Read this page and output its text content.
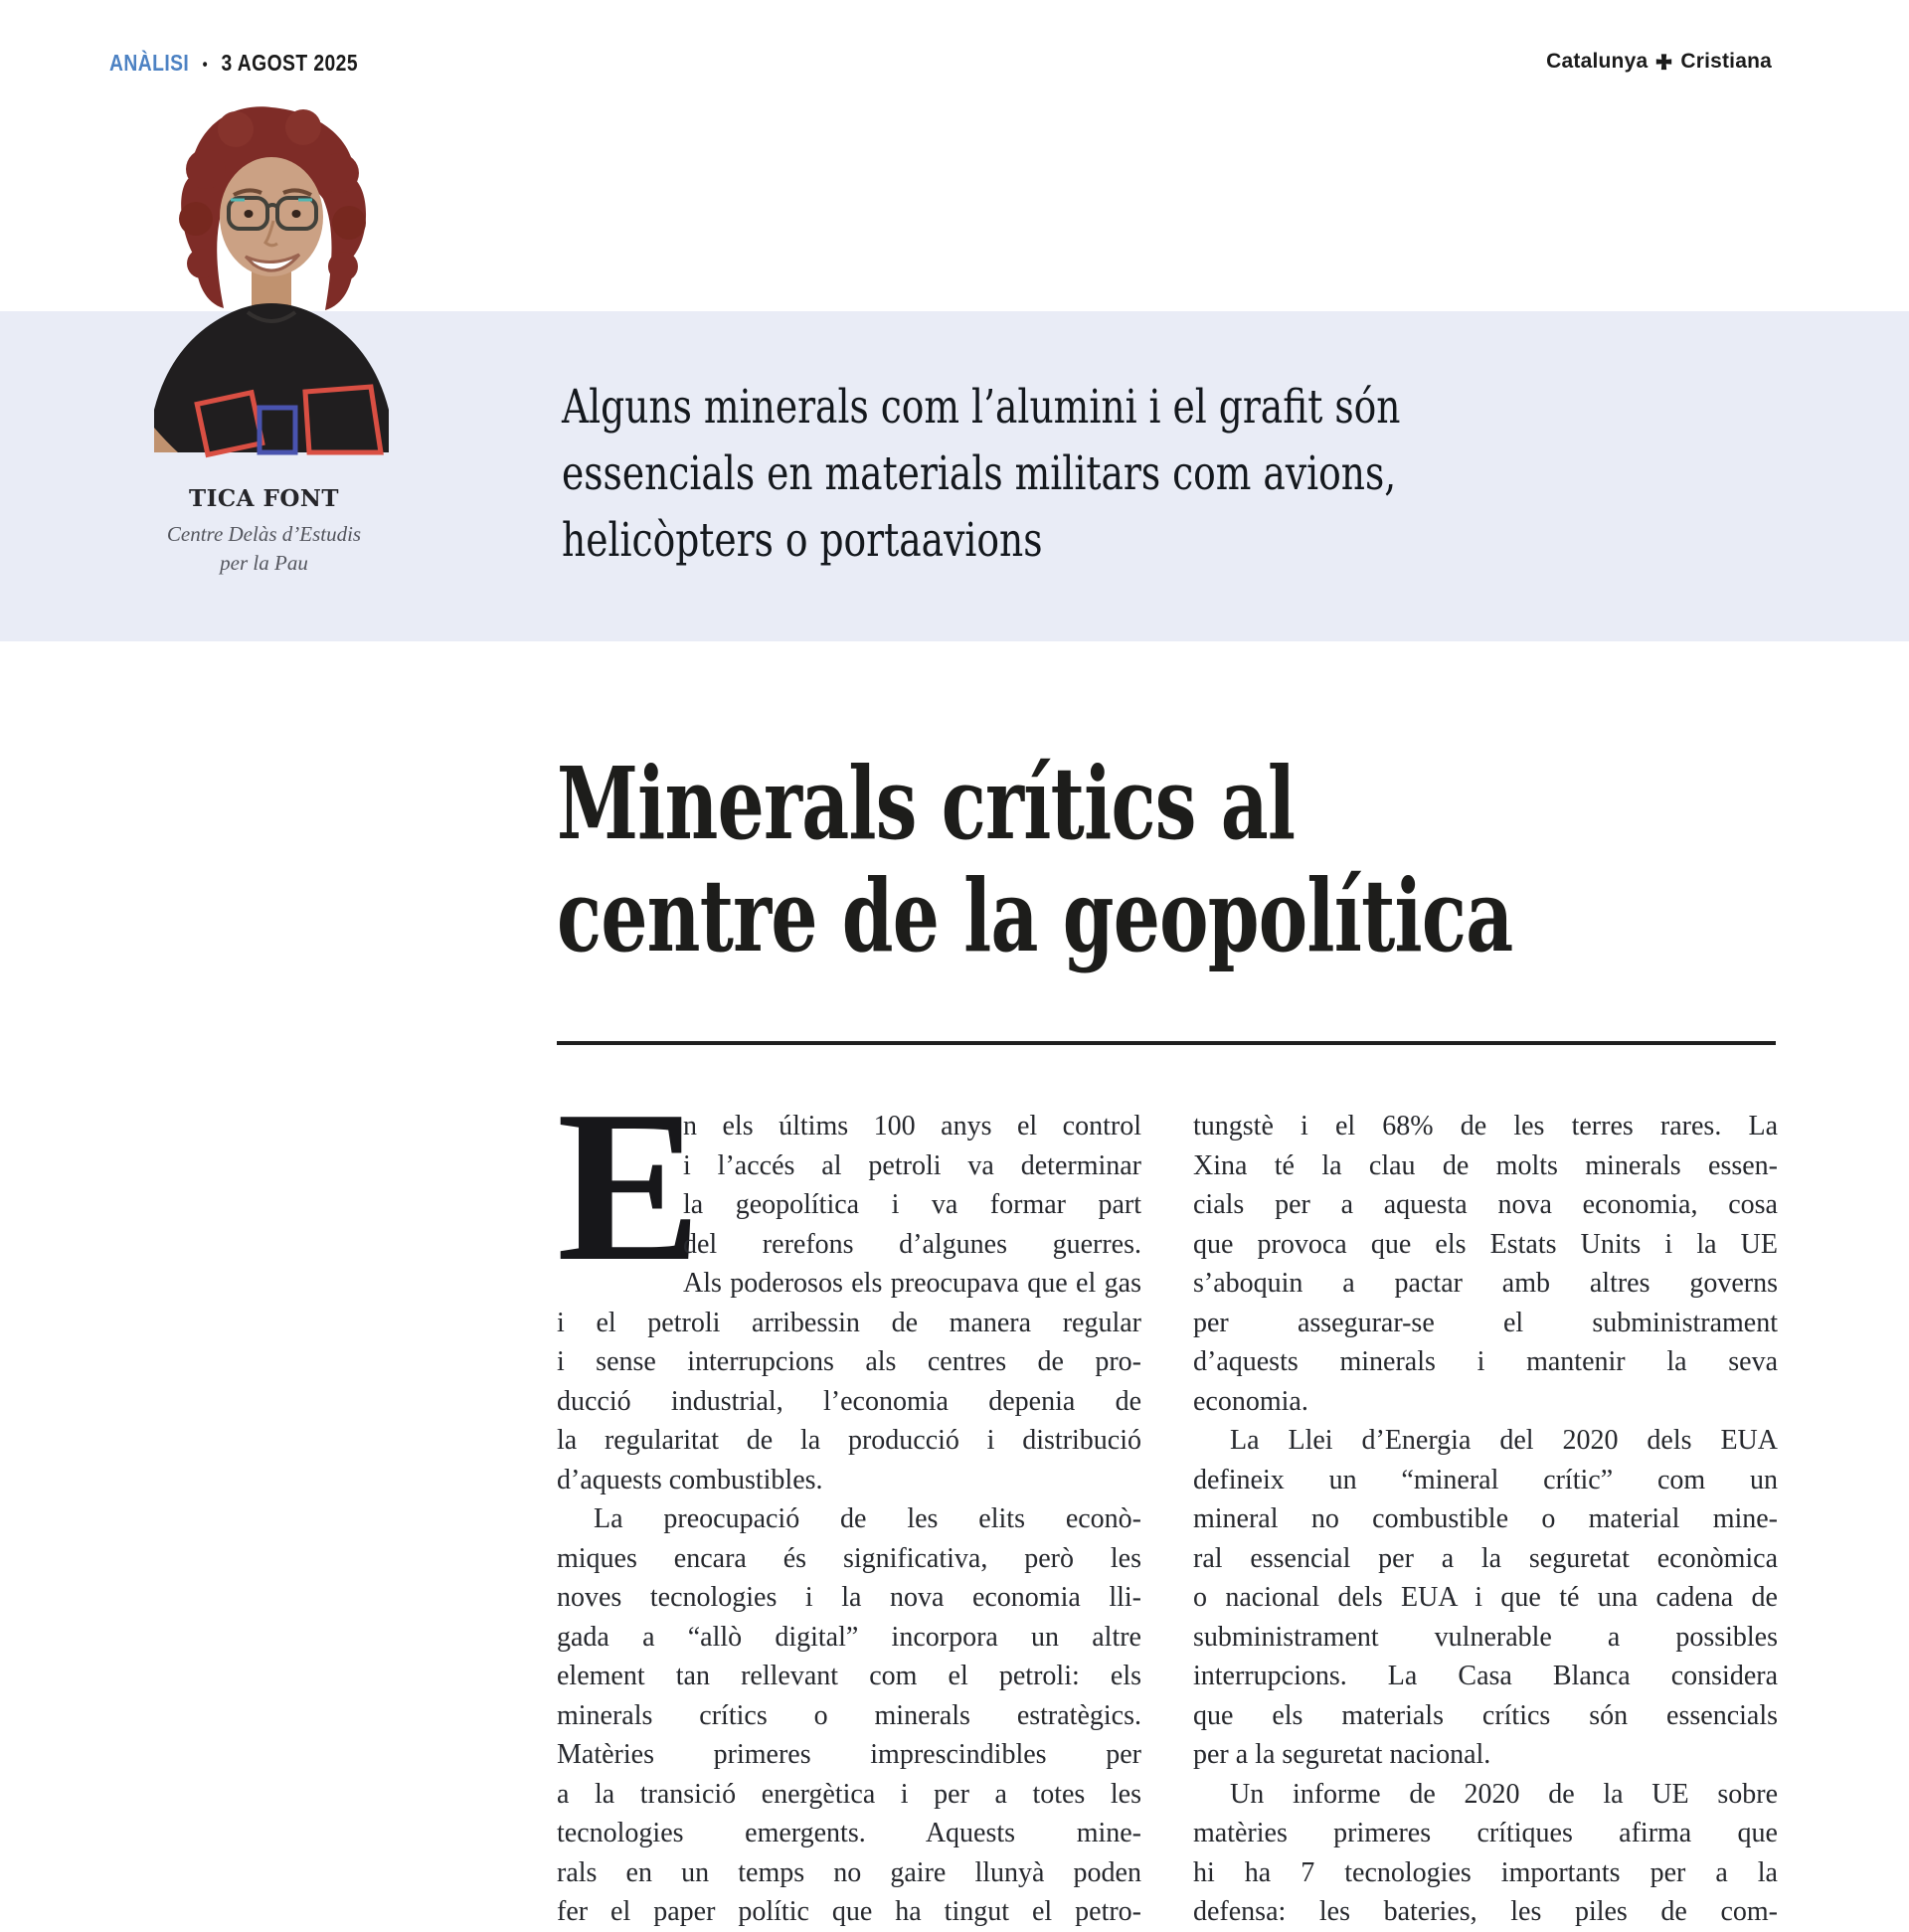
ANÀLISI • 3 AGOST 2025	Catalunya Cristiana
TICA FONT
Centre Delàs d’Estudis
per la Pau
Alguns minerals com l’alumini i el grafit són
essencials en materials militars com avions,
helicòpters o portaavions
Minerals crítics al
centre de la geopolítica
E
n els últims 100 anys el control
i l’accés al petroli va determinar
la geopolítica i va formar part
del rerefons d’algunes guerres.
Als poderosos els preocupava que el gas
i el petroli arribessin de manera regular
i sense interrupcions als centres de pro-
ducció industrial, l’economia depenia de
la regularitat de la producció i distribució
d’aquests combustibles.
La preocupació de les elits econò-
miques encara és significativa, però les
noves tecnologies i la nova economia lli-
gada a “allò digital” incorpora un altre
element tan rellevant com el petroli: els
minerals crítics o minerals estratègics.
Matèries primeres imprescindibles per
a la transició energètica i per a totes les
tecnologies emergents. Aquests mine-
rals en un temps no gaire llunyà poden
fer el paper polític que ha tingut el petro-
tungstè i el 68% de les terres rares. La
Xina té la clau de molts minerals essen-
cials per a aquesta nova economia, cosa
que provoca que els Estats Units i la UE
s’aboquin a pactar amb altres governs
per assegurar-se el subministrament
d’aquests minerals i mantenir la seva
economia.
La Llei d’Energia del 2020 dels EUA
defineix un “mineral crític” com un
mineral no combustible o material mine-
ral essencial per a la seguretat econòmica
o nacional dels EUA i que té una cadena de
subministrament vulnerable a possibles
interrupcions. La Casa Blanca considera
que els materials crítics són essencials
per a la seguretat nacional.
Un informe de 2020 de la UE sobre
matèries primeres crítiques afirma que
hi ha 7 tecnologies importants per a la
defensa: les bateries, les piles de com-
